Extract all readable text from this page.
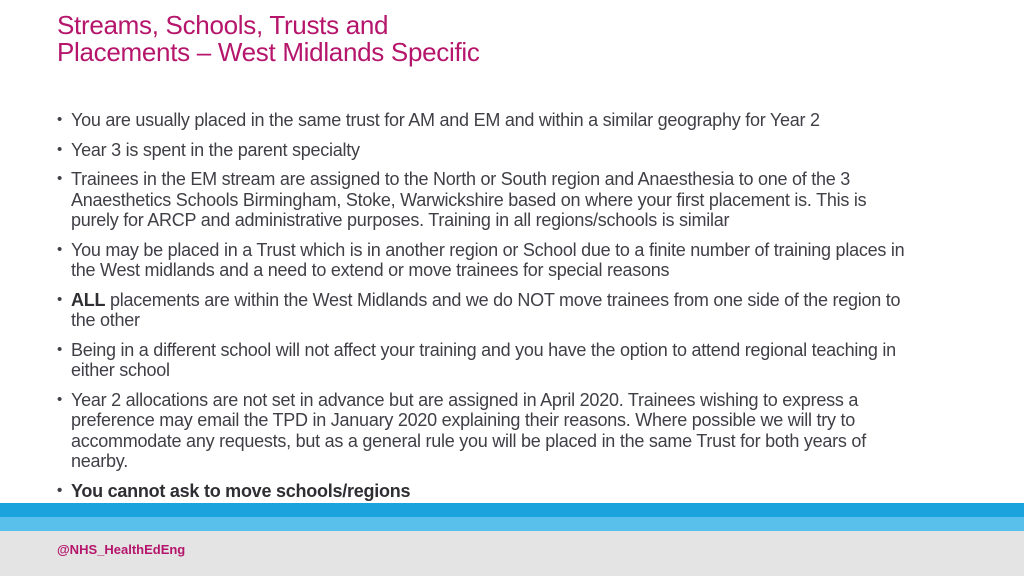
Streams, Schools, Trusts and
Placements – West Midlands Specific
• You are usually placed in the same trust for AM and EM and within a similar geography for Year 2
• Year 3 is spent in the parent specialty
• Trainees in the EM stream are assigned to the North or South region and Anaesthesia to one of the 3 Anaesthetics Schools Birmingham, Stoke, Warwickshire based on where your first placement is. This is purely for ARCP and administrative purposes. Training in all regions/schools is similar
• You may be placed in a Trust which is in another region or School due to a finite number of training places in the West midlands and a need to extend or move trainees for special reasons
• ALL placements are within the West Midlands and we do NOT move trainees from one side of the region to the other
• Being in a different school will not affect your training and you have the option to attend regional teaching in either school
• Year 2 allocations are not set in advance but are assigned in April 2020. Trainees wishing to express a preference may email the TPD in January 2020 explaining their reasons. Where possible we will try to accommodate any requests, but as a general rule you will be placed in the same Trust for both years of nearby.
• You cannot ask to move schools/regions
@NHS_HealthEdEng
